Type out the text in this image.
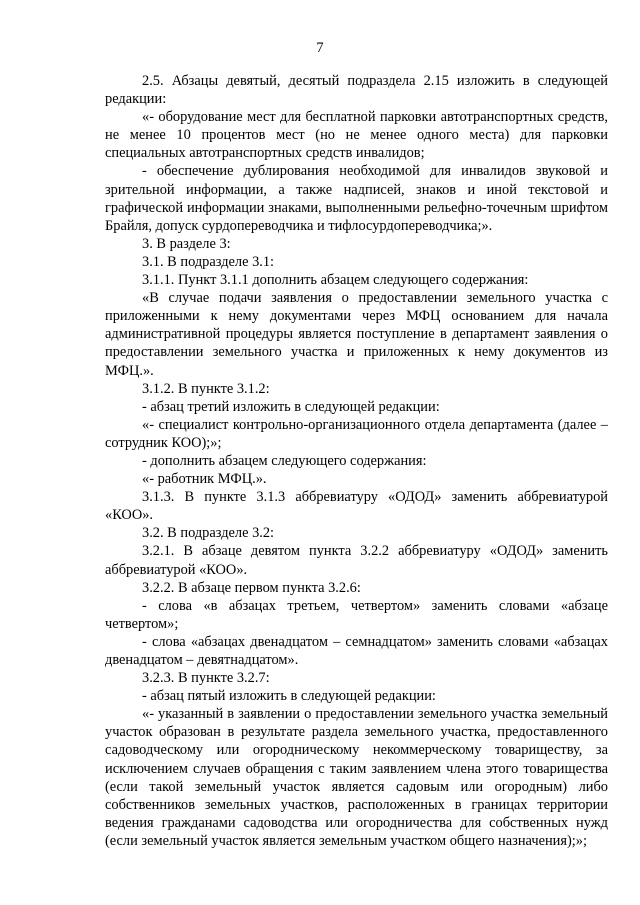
7

2.5. Абзацы девятый, десятый подраздела 2.15 изложить в следующей редакции:

«- оборудование мест для бесплатной парковки автотранспортных средств, не менее 10 процентов мест (но не менее одного места) для парковки специальных автотранспортных средств инвалидов;

- обеспечение дублирования необходимой для инвалидов звуковой и зрительной информации, а также надписей, знаков и иной текстовой и графической информации знаками, выполненными рельефно-точечным шрифтом Брайля, допуск сурдопереводчика и тифлосурдопереводчика;».

3. В разделе 3:

3.1. В подразделе 3.1:

3.1.1. Пункт 3.1.1 дополнить абзацем следующего содержания:

«В случае подачи заявления о предоставлении земельного участка с приложенными к нему документами через МФЦ основанием для начала административной процедуры является поступление в департамент заявления о предоставлении земельного участка и приложенных к нему документов из МФЦ.».

3.1.2. В пункте 3.1.2:

- абзац третий изложить в следующей редакции:

«- специалист контрольно-организационного отдела департамента (далее – сотрудник КОО);»;

- дополнить абзацем следующего содержания:

«- работник МФЦ.».

3.1.3. В пункте 3.1.3 аббревиатуру «ОДОД» заменить аббревиатурой «КОО».

3.2. В подразделе 3.2:

3.2.1. В абзаце девятом пункта 3.2.2 аббревиатуру «ОДОД» заменить аббревиатурой «КОО».

3.2.2. В абзаце первом пункта 3.2.6:

- слова «в абзацах третьем, четвертом» заменить словами «абзаце четвертом»;

- слова «абзацах двенадцатом – семнадцатом» заменить словами «абзацах двенадцатом – девятнадцатом».

3.2.3. В пункте 3.2.7:

- абзац пятый изложить в следующей редакции:

«- указанный в заявлении о предоставлении земельного участка земельный участок образован в результате раздела земельного участка, предоставленного садоводческому или огородническому некоммерческому товариществу, за исключением случаев обращения с таким заявлением члена этого товарищества (если такой земельный участок является садовым или огородным) либо собственников земельных участков, расположенных в границах территории ведения гражданами садоводства или огородничества для собственных нужд (если земельный участок является земельным участком общего назначения);»;
